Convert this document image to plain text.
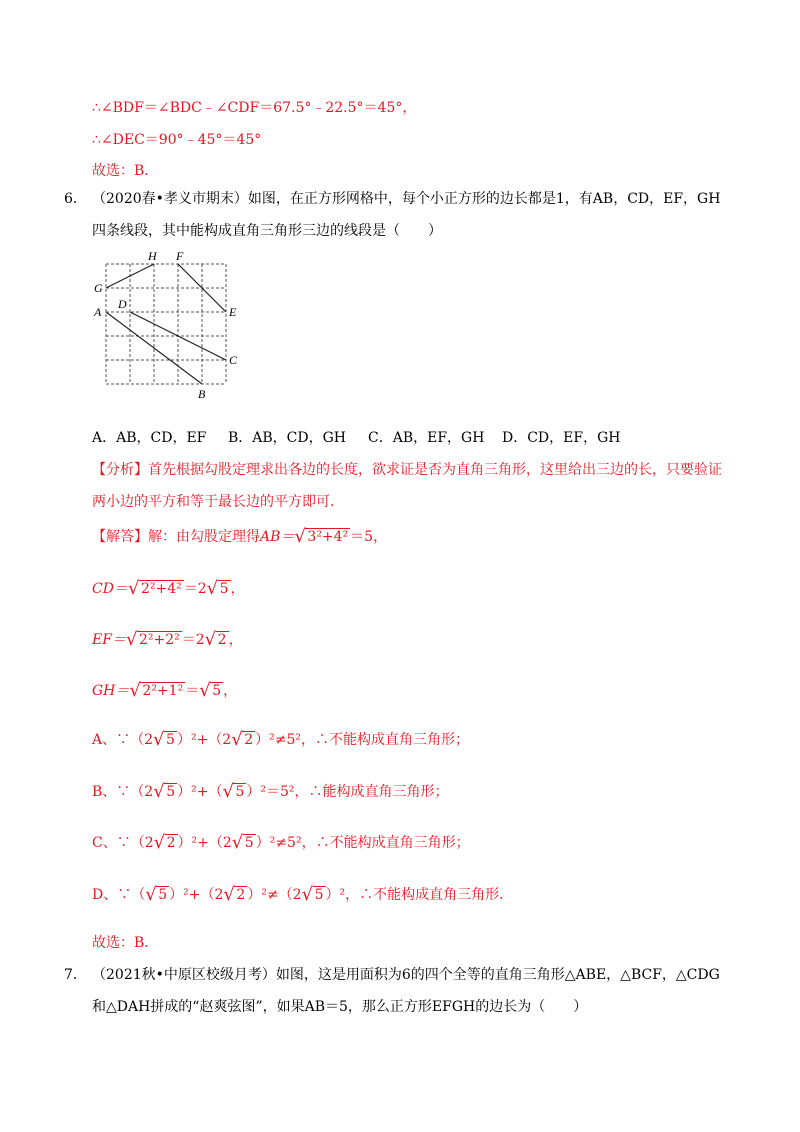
∴∠BDF＝∠BDC﹣∠CDF＝67.5°﹣22.5°＝45°，
∴∠DEC＝90°﹣45°＝45°
故选：B．
6． （2020春•孝义市期末）如图，在正方形网格中，每个小正方形的边长都是1，有AB，CD，EF，GH
四条线段，其中能构成直角三角形三边的线段是（　　）
H F
G
D
A	E
C
B
A．AB，CD，EF B．AB，CD，GH C．AB，EF，GH D．CD，EF，GH
【分析】首先根据勾股定理求出各边的长度，欲求证是否为直角三角形，这里给出三边的长，只要验证
两小边的平方和等于最长边的平方即可．
【解答】解：由勾股定理得AB＝ √ 3²+4² ＝5，
CD＝ √ 2²+4² ＝2 √ 5 ，
EF＝ √ 2²+2² ＝2 √ 2 ，
GH＝ √ 2²+1² ＝ √ 5 ，
A、∵（2 √ 5 ）²+（2 √ 2 ）²≠5²，∴不能构成直角三角形；
B、∵（2 √ 5 ）²+（ √ 5 ）²＝5²，∴能构成直角三角形；
C、∵（2 √ 2 ）²+（2 √ 5 ）²≠5²，∴不能构成直角三角形；
D、∵（ √ 5 ）²+（2 √ 2 ）²≠（2 √ 5 ）²，∴不能构成直角三角形．
故选：B．
7． （2021秋•中原区校级月考）如图，这是用面积为6的四个全等的直角三角形△ABE，△BCF，△CDG
和△DAH拼成的“赵爽弦图”，如果AB＝5，那么正方形EFGH的边长为（　　）
